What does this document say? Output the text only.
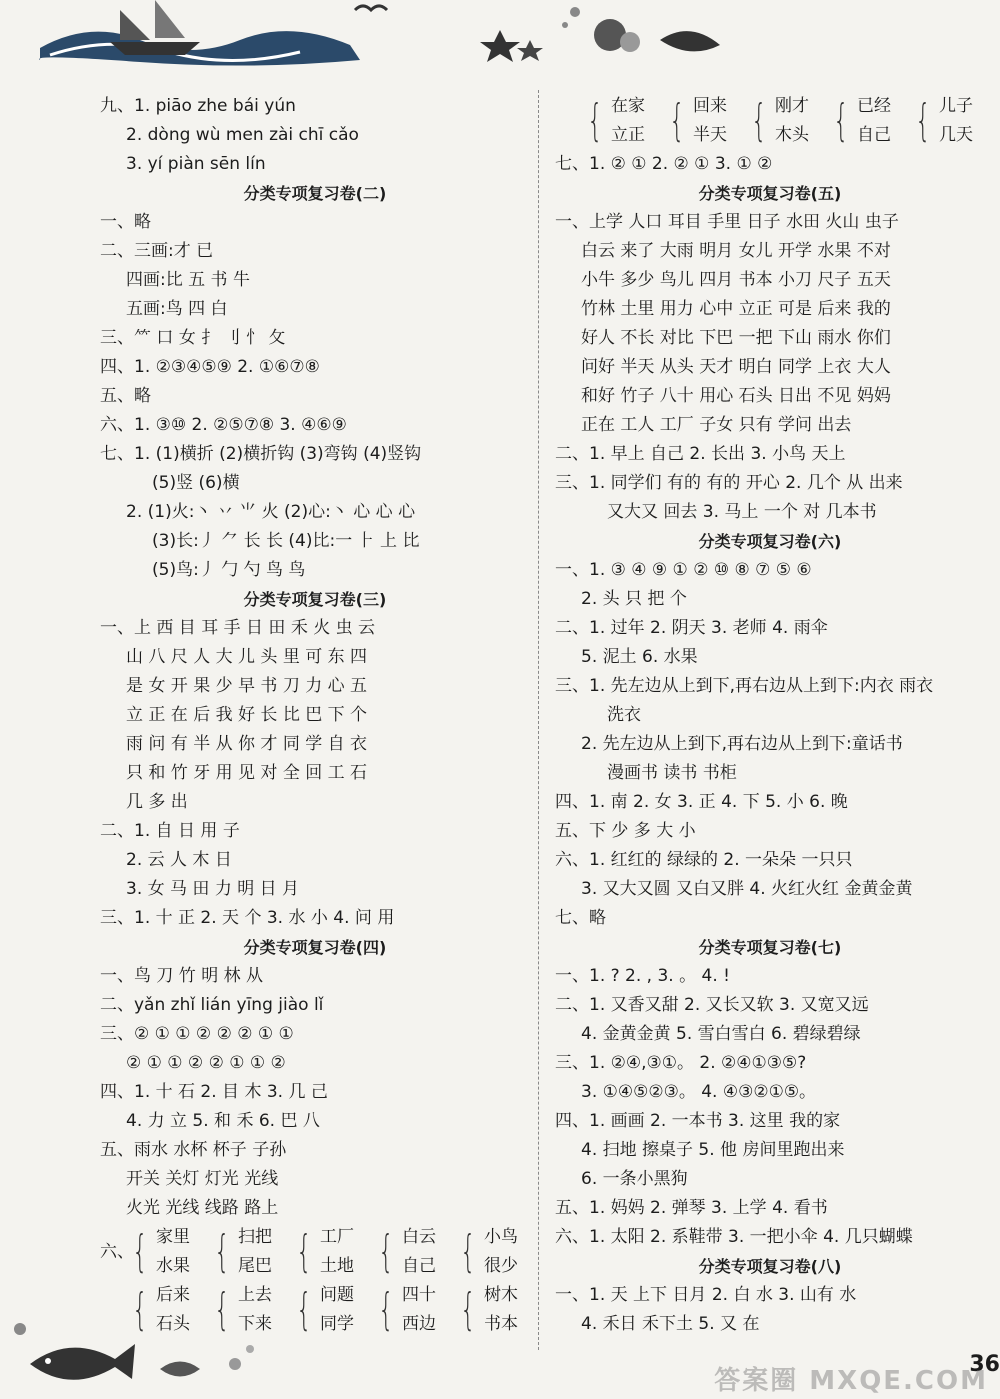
九、1. piāo zhe bái yún
2. dòng wù men zài chī cǎo
3. yí piàn sēn lín
分类专项复习卷(二)
一、略
二、三画:才 已
四画:比 五 书 牛
五画:鸟 四 白
三、⺮ 口 女 扌 刂 忄 攵
四、1. ②③④⑤⑨ 2. ①⑥⑦⑧
五、略
六、1. ③⑩ 2. ②⑤⑦⑧ 3. ④⑥⑨
七、1. (1)横折 (2)横折钩 (3)弯钩 (4)竖钩
(5)竖 (6)横
2. (1)火:丶 丷 ⺌ 火 (2)心:丶 心 心 心
(3)长:丿 ⺈ 长 长 (4)比:一 ⺊ 上 比
(5)鸟:丿 勹 勺 鸟 鸟
分类专项复习卷(三)
一、上 西 目 耳 手 日 田 禾 火 虫 云
山 八 尺 人 大 儿 头 里 可 东 四
是 女 开 果 少 早 书 刀 力 心 五
立 正 在 后 我 好 长 比 巴 下 个
雨 问 有 半 从 你 才 同 学 自 衣
只 和 竹 牙 用 见 对 全 回 工 石
几 多 出
二、1. 自 日 用 子
2. 云 人 木 日
3. 女 马 田 力 明 日 月
三、1. 十 正 2. 天 个 3. 水 小 4. 问 用
分类专项复习卷(四)
一、鸟 刀 竹 明 林 从
二、yǎn zhǐ lián yīng jiào lǐ
三、② ① ① ② ② ② ① ①
② ① ① ② ② ① ① ②
四、1. 十 石 2. 目 木 3. 几 己
4. 力 立 5. 和 禾 6. 巴 八
五、雨水 水杯 杯子 子孙
开关 关灯 灯光 光线
火光 光线 线路 路上
六、
{ 家里
水果 { 扫把
尾巴 { 工厂
土地 { 白云
自己 { 小鸟
很少
{ 后来
石头 { 上去
下来 { 问题
同学 { 四十
西边 { 树木
书本
{ 在家
立正 { 回来
半天 { 刚才
木头 { 已经
自己 { 儿子
几天
七、1. ② ① 2. ② ① 3. ① ②
分类专项复习卷(五)
一、上学 人口 耳目 手里 日子 水田 火山 虫子
白云 来了 大雨 明月 女儿 开学 水果 不对
小牛 多少 鸟儿 四月 书本 小刀 尺子 五天
竹林 土里 用力 心中 立正 可是 后来 我的
好人 不长 对比 下巴 一把 下山 雨水 你们
问好 半天 从头 天才 明白 同学 上衣 大人
和好 竹子 八十 用心 石头 日出 不见 妈妈
正在 工人 工厂 子女 只有 学问 出去
二、1. 早上 自己 2. 长出 3. 小鸟 天上
三、1. 同学们 有的 有的 开心 2. 几个 从 出来
又大又 回去 3. 马上 一个 对 几本书
分类专项复习卷(六)
一、1. ③ ④ ⑨ ① ② ⑩ ⑧ ⑦ ⑤ ⑥
2. 头 只 把 个
二、1. 过年 2. 阴天 3. 老师 4. 雨伞
5. 泥土 6. 水果
三、1. 先左边从上到下,再右边从上到下:内衣 雨衣
洗衣
2. 先左边从上到下,再右边从上到下:童话书
漫画书 读书 书柜
四、1. 南 2. 女 3. 正 4. 下 5. 小 6. 晚
五、下 少 多 大 小
六、1. 红红的 绿绿的 2. 一朵朵 一只只
3. 又大又圆 又白又胖 4. 火红火红 金黄金黄
七、略
分类专项复习卷(七)
一、1. ? 2. , 3. 。 4. !
二、1. 又香又甜 2. 又长又软 3. 又宽又远
4. 金黄金黄 5. 雪白雪白 6. 碧绿碧绿
三、1. ②④,③①。 2. ②④①③⑤?
3. ①④⑤②③。 4. ④③②①⑤。
四、1. 画画 2. 一本书 3. 这里 我的家
4. 扫地 擦桌子 5. 他 房间里跑出来
6. 一条小黑狗
五、1. 妈妈 2. 弹琴 3. 上学 4. 看书
六、1. 太阳 2. 系鞋带 3. 一把小伞 4. 几只蝴蝶
分类专项复习卷(八)
一、1. 天 上下 日月 2. 白 水 3. 山有 水
4. 禾日 禾下土 5. 又 在
36
答案圈 MXQE.COM
